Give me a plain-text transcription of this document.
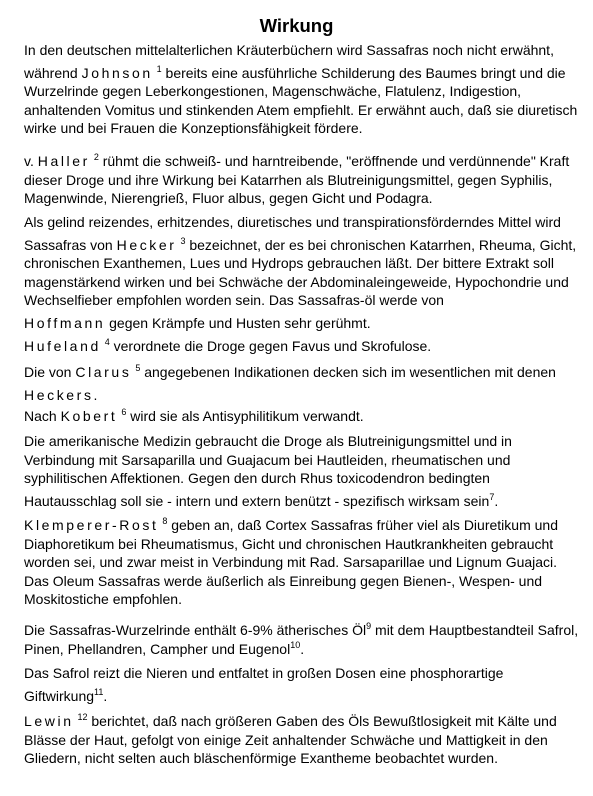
Wirkung
In den deutschen mittelalterlichen Kräuterbüchern wird Sassafras noch nicht erwähnt,
während Johnson $^1$ bereits eine ausführliche Schilderung des Baumes bringt und die Wurzelrinde gegen Leberkongestionen, Magenschwäche, Flatulenz, Indigestion, anhaltenden Vomitus und stinkenden Atem empfiehlt. Er erwähnt auch, daß sie diuretisch wirke und bei Frauen die Konzeptionsfähigkeit fördere.
v. Haller $^2$ rühmt die schweiß- und harntreibende, "eröffnende und verdünnende" Kraft dieser Droge und ihre Wirkung bei Katarrhen als Blutreinigungsmittel, gegen Syphilis, Magenwinde, Nierengrieß, Fluor albus, gegen Gicht und Podagra.
Als gelind reizendes, erhitzendes, diuretisches und transpirationsförderndes Mittel wird
Sassafras von Hecker $^3$ bezeichnet, der es bei chronischen Katarrhen, Rheuma, Gicht, chronischen Exanthemen, Lues und Hydrops gebrauchen läßt. Der bittere Extrakt soll magenstärkend wirken und bei Schwäche der Abdominaleingeweide, Hypochondrie und Wechselfieber empfohlen worden sein. Das Sassafras-öl werde von
Hoffmann gegen Krämpfe und Husten sehr gerühmt.
Hufeland $^4$ verordnete die Droge gegen Favus und Skrofulose.
Die von Clarus $^5$ angegebenen Indikationen decken sich im wesentlichen mit denen
Heckers.
Nach Kobert $^6$ wird sie als Antisyphilitikum verwandt.
Die amerikanische Medizin gebraucht die Droge als Blutreinigungsmittel und in Verbindung mit Sarsaparilla und Guajacum bei Hautleiden, rheumatischen und syphilitischen Affektionen. Gegen den durch Rhus toxicodendron bedingten
Hautausschlag soll sie - intern und extern benützt - spezifisch wirksam sein$^7$.
Klemperer-Rost $^8$ geben an, daß Cortex Sassafras früher viel als Diuretikum und Diaphoretikum bei Rheumatismus, Gicht und chronischen Hautkrankheiten gebraucht worden sei, und zwar meist in Verbindung mit Rad. Sarsaparillae und Lignum Guajaci. Das Oleum Sassafras werde äußerlich als Einreibung gegen Bienen-, Wespen- und Moskitostiche empfohlen.
Die Sassafras-Wurzelrinde enthält 6-9% ätherisches $Öl^9$ mit dem Hauptbestandteil Safrol, Pinen, Phellandren, Campher und Eugenol$^{10}$.
Das Safrol reizt die Nieren und entfaltet in großen Dosen eine phosphorartige
Giftwirkung$^{11}$.
Lewin $^{12}$ berichtet, daß nach größeren Gaben des Öls Bewußtlosigkeit mit Kälte und Blässe der Haut, gefolgt von einige Zeit anhaltender Schwäche und Mattigkeit in den Gliedern, nicht selten auch bläschenförmige Exantheme beobachtet wurden.
